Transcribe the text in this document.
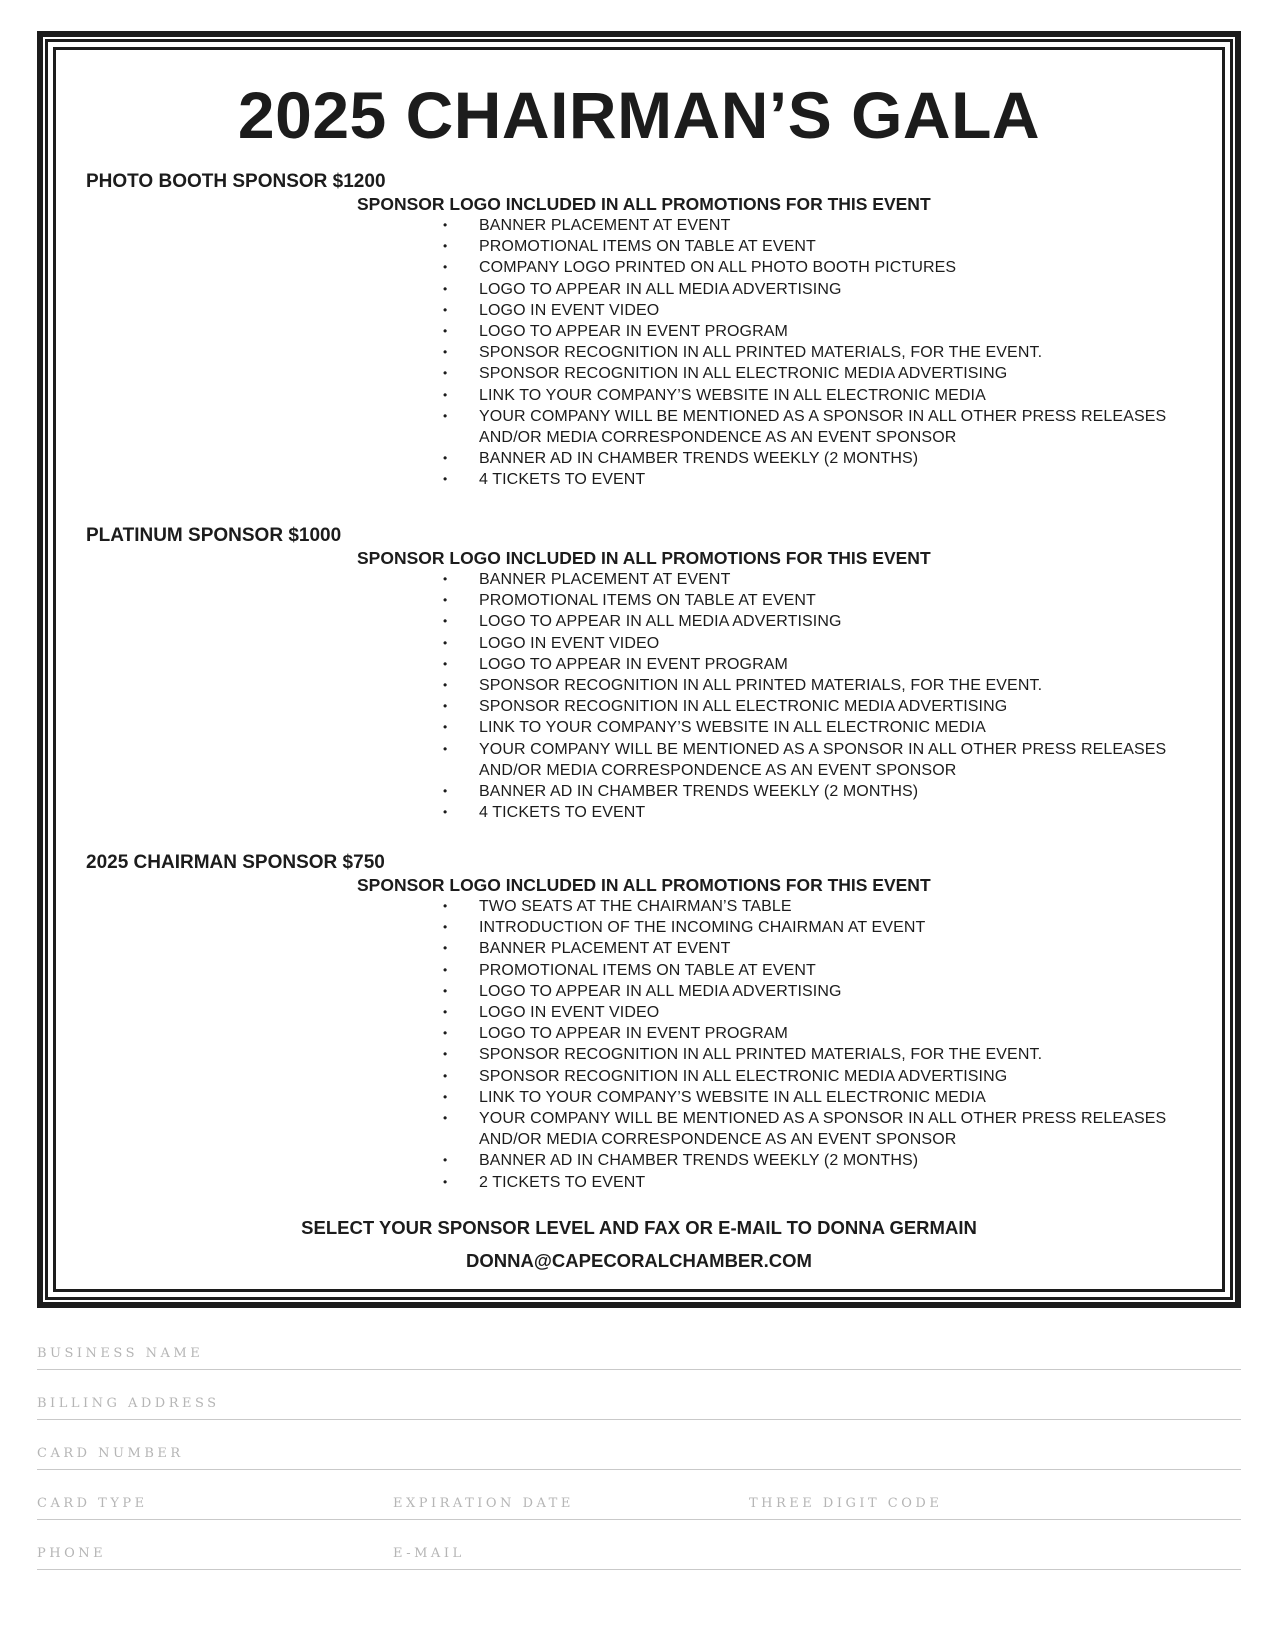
2025 CHAIRMAN’S GALA
PHOTO BOOTH SPONSOR $1200
SPONSOR LOGO INCLUDED IN ALL PROMOTIONS FOR THIS EVENT
• BANNER PLACEMENT AT EVENT
• PROMOTIONAL ITEMS ON TABLE AT EVENT
• COMPANY LOGO PRINTED ON ALL PHOTO BOOTH PICTURES
• LOGO TO APPEAR IN ALL MEDIA ADVERTISING
• LOGO IN EVENT VIDEO
• LOGO TO APPEAR IN EVENT PROGRAM
• SPONSOR RECOGNITION IN ALL PRINTED MATERIALS, FOR THE EVENT.
• SPONSOR RECOGNITION IN ALL ELECTRONIC MEDIA ADVERTISING
• LINK TO YOUR COMPANY’S WEBSITE IN ALL ELECTRONIC MEDIA
• YOUR COMPANY WILL BE MENTIONED AS A SPONSOR IN ALL OTHER PRESS RELEASES AND/OR MEDIA CORRESPONDENCE AS AN EVENT SPONSOR
• BANNER AD IN CHAMBER TRENDS WEEKLY (2 MONTHS)
• 4 TICKETS TO EVENT
PLATINUM SPONSOR $1000
SPONSOR LOGO INCLUDED IN ALL PROMOTIONS FOR THIS EVENT
• BANNER PLACEMENT AT EVENT
• PROMOTIONAL ITEMS ON TABLE AT EVENT
• LOGO TO APPEAR IN ALL MEDIA ADVERTISING
• LOGO IN EVENT VIDEO
• LOGO TO APPEAR IN EVENT PROGRAM
• SPONSOR RECOGNITION IN ALL PRINTED MATERIALS, FOR THE EVENT.
• SPONSOR RECOGNITION IN ALL ELECTRONIC MEDIA ADVERTISING
• LINK TO YOUR COMPANY’S WEBSITE IN ALL ELECTRONIC MEDIA
• YOUR COMPANY WILL BE MENTIONED AS A SPONSOR IN ALL OTHER PRESS RELEASES AND/OR MEDIA CORRESPONDENCE AS AN EVENT SPONSOR
• BANNER AD IN CHAMBER TRENDS WEEKLY (2 MONTHS)
• 4 TICKETS TO EVENT
2025 CHAIRMAN SPONSOR $750
SPONSOR LOGO INCLUDED IN ALL PROMOTIONS FOR THIS EVENT
• TWO SEATS AT THE CHAIRMAN’S TABLE
• INTRODUCTION OF THE INCOMING CHAIRMAN AT EVENT
• BANNER PLACEMENT AT EVENT
• PROMOTIONAL ITEMS ON TABLE AT EVENT
• LOGO TO APPEAR IN ALL MEDIA ADVERTISING
• LOGO IN EVENT VIDEO
• LOGO TO APPEAR IN EVENT PROGRAM
• SPONSOR RECOGNITION IN ALL PRINTED MATERIALS, FOR THE EVENT.
• SPONSOR RECOGNITION IN ALL ELECTRONIC MEDIA ADVERTISING
• LINK TO YOUR COMPANY’S WEBSITE IN ALL ELECTRONIC MEDIA
• YOUR COMPANY WILL BE MENTIONED AS A SPONSOR IN ALL OTHER PRESS RELEASES AND/OR MEDIA CORRESPONDENCE AS AN EVENT SPONSOR
• BANNER AD IN CHAMBER TRENDS WEEKLY (2 MONTHS)
• 2 TICKETS TO EVENT
SELECT YOUR SPONSOR LEVEL AND FAX OR E-MAIL TO DONNA GERMAIN
DONNA@CAPECORALCHAMBER.COM
BUSINESS NAME
BILLING ADDRESS
CARD NUMBER
CARD TYPE	EXPIRATION DATE	THREE DIGIT CODE
PHONE	E-MAIL
